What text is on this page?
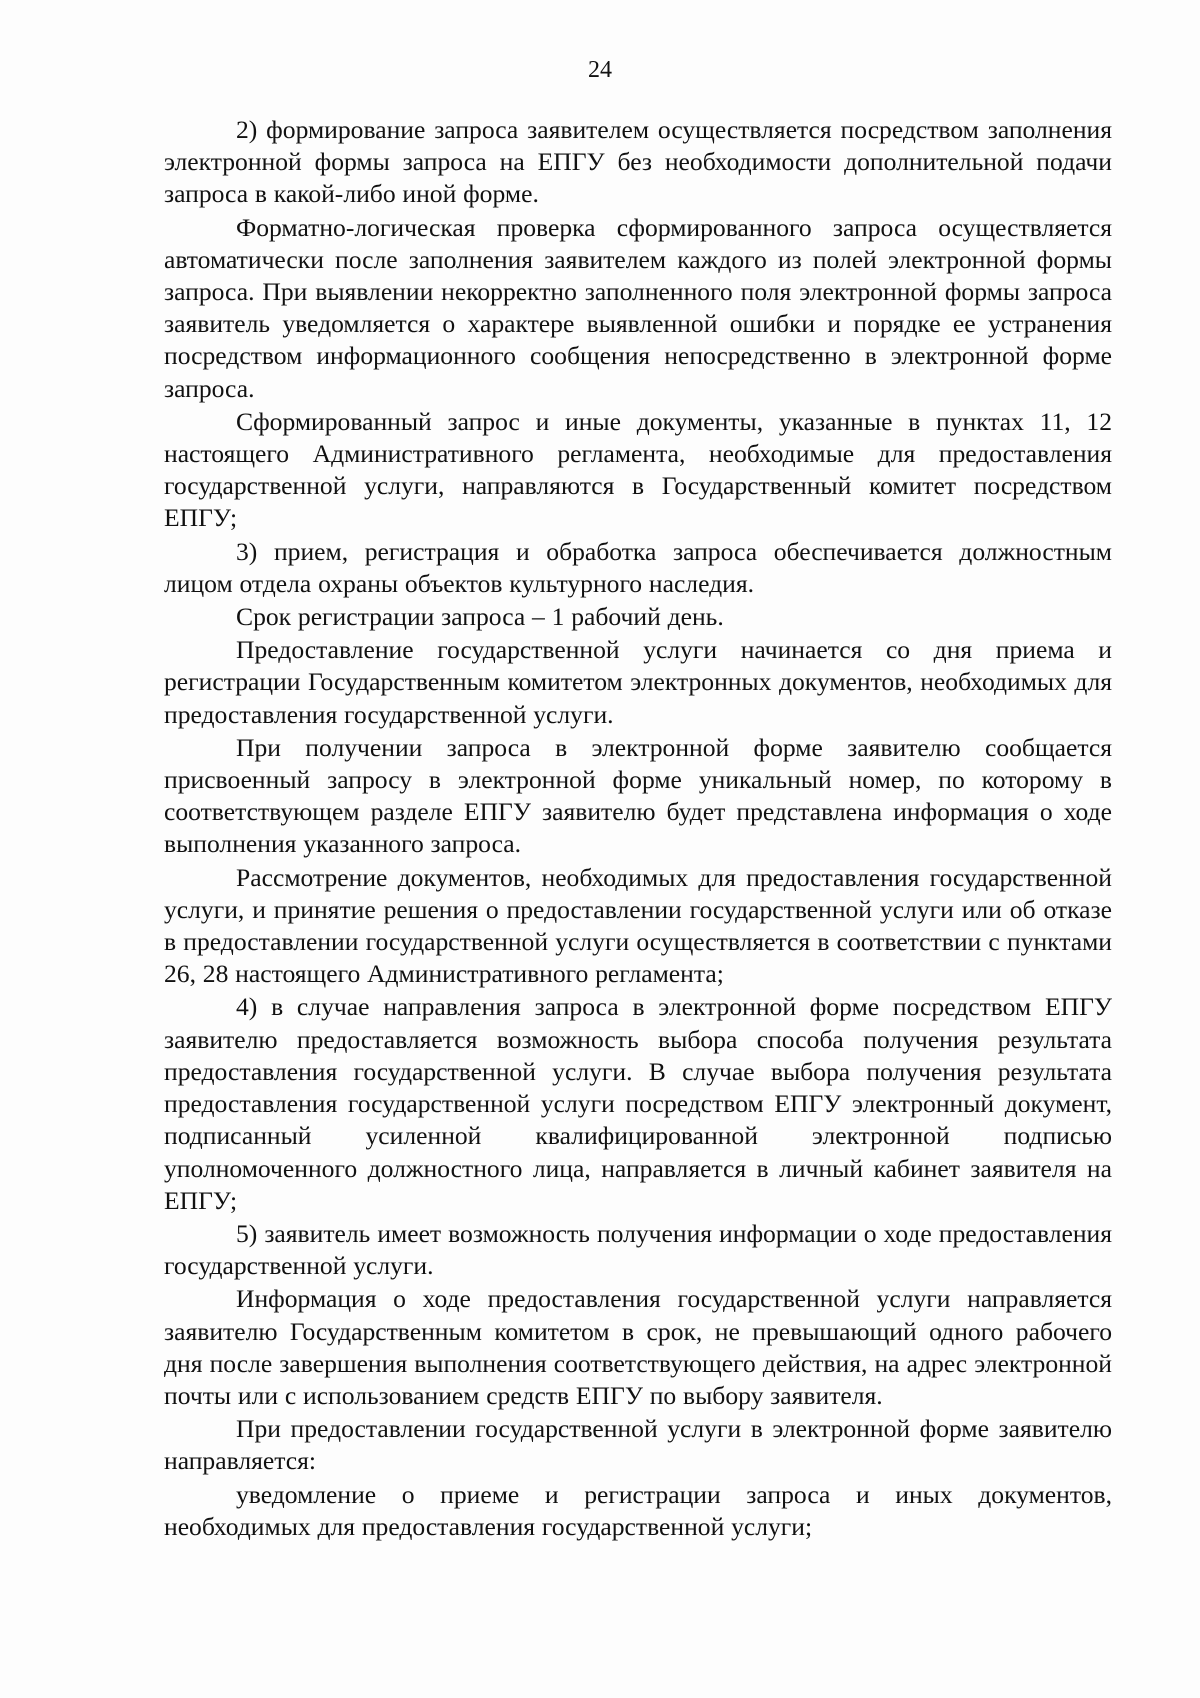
24

2) формирование запроса заявителем осуществляется посредством заполнения электронной формы запроса на ЕПГУ без необходимости дополнительной подачи запроса в какой-либо иной форме.

Форматно-логическая проверка сформированного запроса осуществляется автоматически после заполнения заявителем каждого из полей электронной формы запроса. При выявлении некорректно заполненного поля электронной формы запроса заявитель уведомляется о характере выявленной ошибки и порядке ее устранения посредством информационного сообщения непосредственно в электронной форме запроса.

Сформированный запрос и иные документы, указанные в пунктах 11, 12 настоящего Административного регламента, необходимые для предоставления государственной услуги, направляются в Государственный комитет посредством ЕПГУ;

3) прием, регистрация и обработка запроса обеспечивается должностным лицом отдела охраны объектов культурного наследия.

Срок регистрации запроса – 1 рабочий день.

Предоставление государственной услуги начинается со дня приема и регистрации Государственным комитетом электронных документов, необходимых для предоставления государственной услуги.

При получении запроса в электронной форме заявителю сообщается присвоенный запросу в электронной форме уникальный номер, по которому в соответствующем разделе ЕПГУ заявителю будет представлена информация о ходе выполнения указанного запроса.

Рассмотрение документов, необходимых для предоставления государственной услуги, и принятие решения о предоставлении государственной услуги или об отказе в предоставлении государственной услуги осуществляется в соответствии с пунктами 26, 28 настоящего Административного регламента;

4) в случае направления запроса в электронной форме посредством ЕПГУ заявителю предоставляется возможность выбора способа получения результата предоставления государственной услуги. В случае выбора получения результата предоставления государственной услуги посредством ЕПГУ электронный документ, подписанный усиленной квалифицированной электронной подписью уполномоченного должностного лица, направляется в личный кабинет заявителя на ЕПГУ;

5) заявитель имеет возможность получения информации о ходе предоставления государственной услуги.

Информация о ходе предоставления государственной услуги направляется заявителю Государственным комитетом в срок, не превышающий одного рабочего дня после завершения выполнения соответствующего действия, на адрес электронной почты или с использованием средств ЕПГУ по выбору заявителя.

При предоставлении государственной услуги в электронной форме заявителю направляется:

уведомление о приеме и регистрации запроса и иных документов, необходимых для предоставления государственной услуги;
